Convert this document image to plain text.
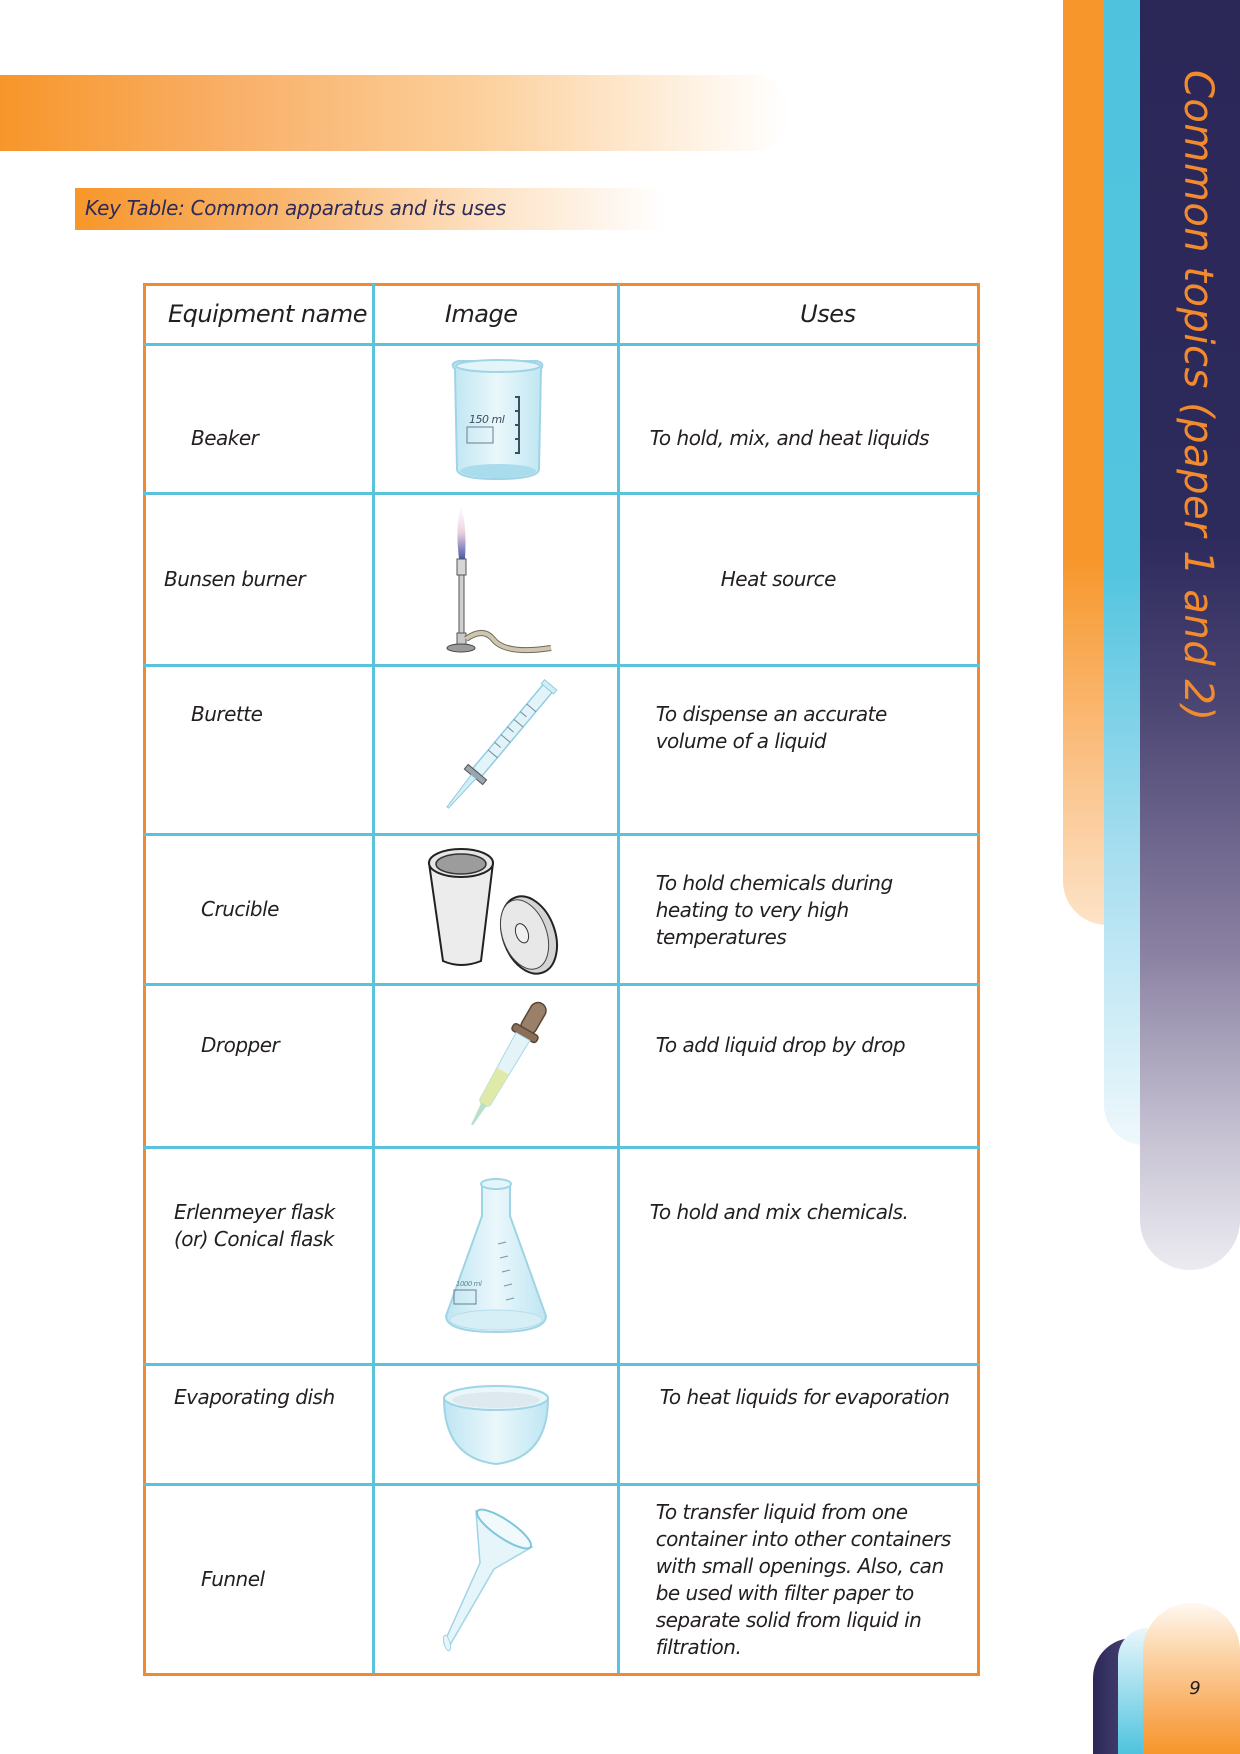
Key Table: Common apparatus and its uses	Common topics (paper 1 and 2)
9
Equipment name	Image	Uses
Beaker	150 ml	To hold, mix, and heat liquids
Bunsen burner		Heat source
Burette		To dispense an accurate volume of a liquid
Crucible		To hold chemicals during heating to very high temperatures
Dropper		To add liquid drop by drop
Erlenmeyer flask (or) Conical flask	1000 ml	To hold and mix chemicals.
Evaporating dish		To heat liquids for evaporation
Funnel		To transfer liquid from one container into other containers with small openings. Also, can be used with filter paper to separate solid from liquid in filtration.
